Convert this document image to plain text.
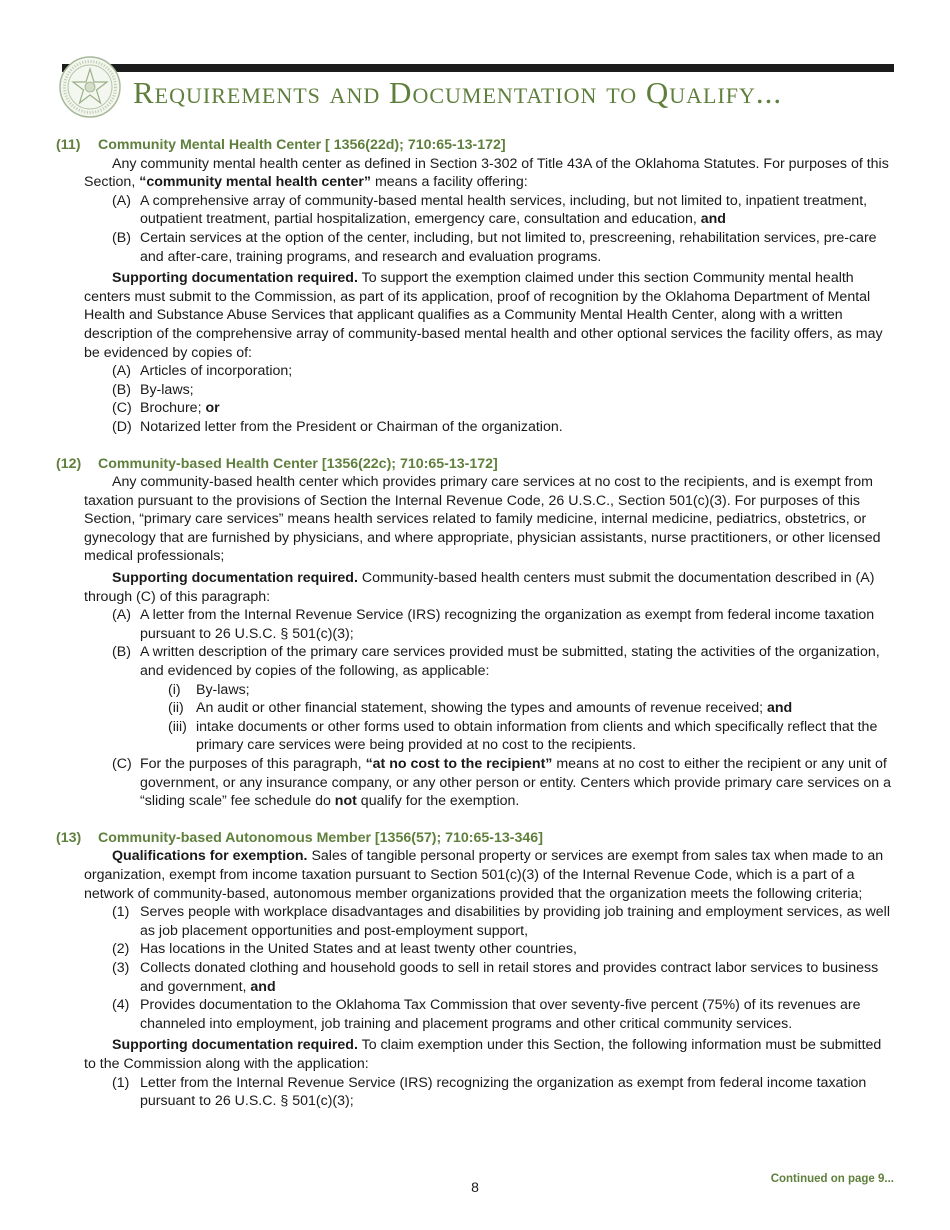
Requirements and Documentation to Qualify...

(11) Community Mental Health Center [ 1356(22d); 710:65-13-172]

Any community mental health center as defined in Section 3-302 of Title 43A of the Oklahoma Statutes. For purposes of this Section, “community mental health center” means a facility offering:

(A) A comprehensive array of community-based mental health services, including, but not limited to, inpatient treatment, outpatient treatment, partial hospitalization, emergency care, consultation and education, and
(B) Certain services at the option of the center, including, but not limited to, prescreening, rehabilitation services, pre-care and after-care, training programs, and research and evaluation programs.

Supporting documentation required. To support the exemption claimed under this section Community mental health centers must submit to the Commission, as part of its application, proof of recognition by the Oklahoma Department of Mental Health and Substance Abuse Services that applicant qualifies as a Community Mental Health Center, along with a written description of the comprehensive array of community-based mental health and other optional services the facility offers, as may be evidenced by copies of:

(A) Articles of incorporation;
(B) By-laws;
(C) Brochure; or
(D) Notarized letter from the President or Chairman of the organization.

(12) Community-based Health Center [1356(22c); 710:65-13-172]

Any community-based health center which provides primary care services at no cost to the recipients, and is exempt from taxation pursuant to the provisions of Section the Internal Revenue Code, 26 U.S.C., Section 501(c)(3). For purposes of this Section, “primary care services” means health services related to family medicine, internal medicine, pediatrics, obstetrics, or gynecology that are furnished by physicians, and where appropriate, physician assistants, nurse practitioners, or other licensed medical professionals;

Supporting documentation required. Community-based health centers must submit the documentation described in (A) through (C) of this paragraph:

(A) A letter from the Internal Revenue Service (IRS) recognizing the organization as exempt from federal income taxation pursuant to 26 U.S.C. § 501(c)(3);
(B) A written description of the primary care services provided must be submitted, stating the activities of the organization, and evidenced by copies of the following, as applicable:
(i)	By-laws;
(ii) An audit or other financial statement, showing the types and amounts of revenue received; and
(iii) intake documents or other forms used to obtain information from clients and which specifically reflect that the primary care services were being provided at no cost to the recipients.
(C) For the purposes of this paragraph, “at no cost to the recipient” means at no cost to either the recipient or any unit of government, or any insurance company, or any other person or entity. Centers which provide primary care services on a “sliding scale” fee schedule do not qualify for the exemption.

(13) Community-based Autonomous Member [1356(57); 710:65-13-346]

Qualifications for exemption. Sales of tangible personal property or services are exempt from sales tax when made to an organization, exempt from income taxation pursuant to Section 501(c)(3) of the Internal Revenue Code, which is a part of a network of community-based, autonomous member organizations provided that the organization meets the following criteria;

(1) Serves people with workplace disadvantages and disabilities by providing job training and employment services, as well as job placement opportunities and post-employment support,
(2) Has locations in the United States and at least twenty other countries,
(3) Collects donated clothing and household goods to sell in retail stores and provides contract labor services to business and government, and
(4) Provides documentation to the Oklahoma Tax Commission that over seventy-five percent (75%) of its revenues are channeled into employment, job training and placement programs and other critical community services.

Supporting documentation required. To claim exemption under this Section, the following information must be submitted to the Commission along with the application:

(1) Letter from the Internal Revenue Service (IRS) recognizing the organization as exempt from federal income taxation pursuant to 26 U.S.C. § 501(c)(3);
Continued on page 9...
8
